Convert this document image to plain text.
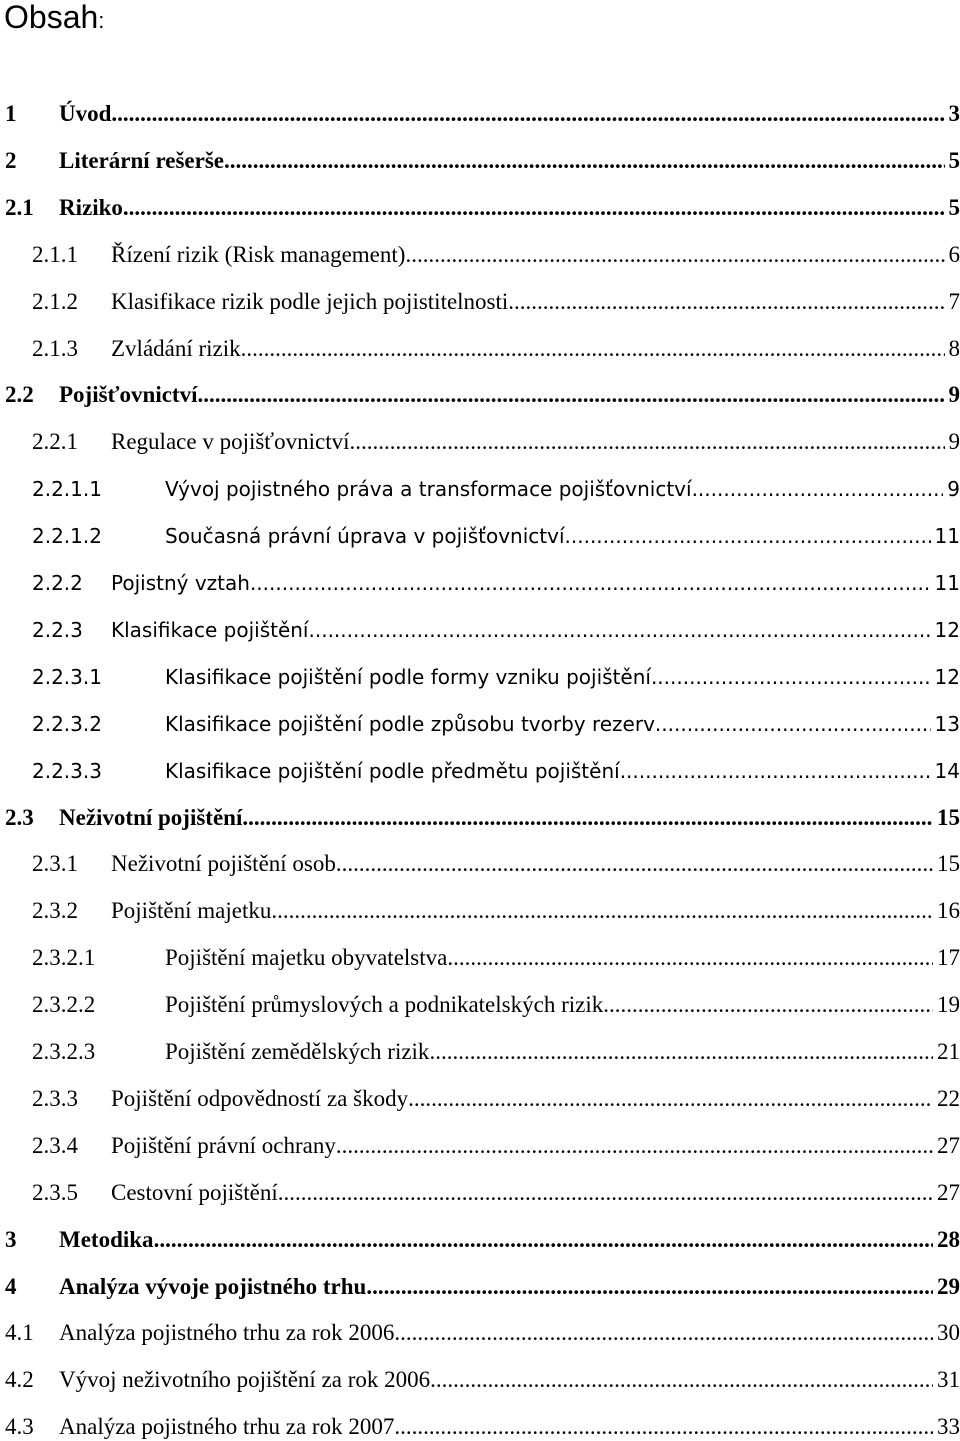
Obsah:
1	Úvod .....	3
2	Literární rešerše .....	5
2.1	Riziko .....	5
2.1.1	Řízení rizik (Risk management) .....	6
2.1.2	Klasifikace rizik podle jejich pojistitelnosti .....	7
2.1.3	Zvládání rizik .....	8
2.2	Pojišťovnictví .....	9
2.2.1	Regulace v pojišťovnictví .....	9
2.2.1.1	Vývoj pojistného práva a transformace pojišťovnictví .....	9
2.2.1.2	Současná právní úprava v pojišťovnictví .....	11
2.2.2	Pojistný vztah .....	11
2.2.3	Klasifikace pojištění .....	12
2.2.3.1	Klasifikace pojištění podle formy vzniku pojištění .....	12
2.2.3.2	Klasifikace pojištění podle způsobu tvorby rezerv .....	13
2.2.3.3	Klasifikace pojištění podle předmětu pojištění .....	14
2.3	Neživotní pojištění .....	15
2.3.1	Neživotní pojištění osob .....	15
2.3.2	Pojištění majetku .....	16
2.3.2.1	Pojištění majetku obyvatelstva .....	17
2.3.2.2	Pojištění průmyslových a podnikatelských rizik .....	19
2.3.2.3	Pojištění zemědělských rizik .....	21
2.3.3	Pojištění odpovědností za škody .....	22
2.3.4	Pojištění právní ochrany .....	27
2.3.5	Cestovní pojištění .....	27
3	Metodika .....	28
4	Analýza vývoje pojistného trhu .....	29
4.1	Analýza pojistného trhu za rok 2006 .....	30
4.2	Vývoj neživotního pojištění za rok 2006 .....	31
4.3	Analýza pojistného trhu za rok 2007 .....	33
